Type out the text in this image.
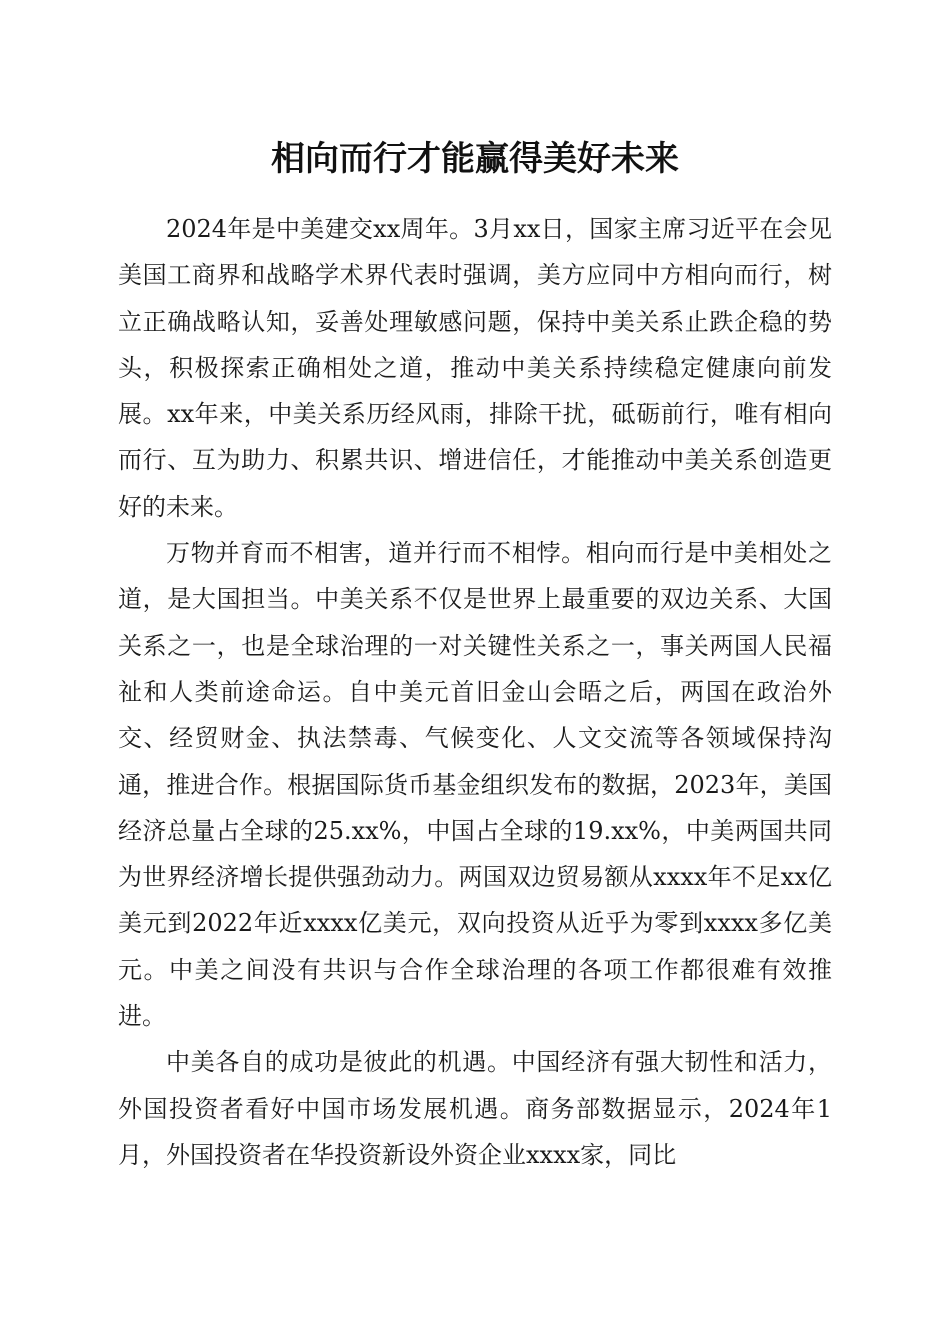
相向而行才能赢得美好未来

2024年是中美建交xx周年。3月xx日，国家主席习近平在会见美国工商界和战略学术界代表时强调，美方应同中方相向而行，树立正确战略认知，妥善处理敏感问题，保持中美关系止跌企稳的势头，积极探索正确相处之道，推动中美关系持续稳定健康向前发展。xx年来，中美关系历经风雨，排除干扰，砥砺前行，唯有相向而行、互为助力、积累共识、增进信任，才能推动中美关系创造更好的未来。

万物并育而不相害，道并行而不相悖。相向而行是中美相处之道，是大国担当。中美关系不仅是世界上最重要的双边关系、大国关系之一，也是全球治理的一对关键性关系之一，事关两国人民福祉和人类前途命运。自中美元首旧金山会晤之后，两国在政治外交、经贸财金、执法禁毒、气候变化、人文交流等各领域保持沟通，推进合作。根据国际货币基金组织发布的数据，2023年，美国经济总量占全球的25.xx%，中国占全球的19.xx%，中美两国共同为世界经济增长提供强劲动力。两国双边贸易额从xxxx年不足xx亿美元到2022年近xxxx亿美元，双向投资从近乎为零到xxxx多亿美元。中美之间没有共识与合作全球治理的各项工作都很难有效推进。

中美各自的成功是彼此的机遇。中国经济有强大韧性和活力，外国投资者看好中国市场发展机遇。商务部数据显示，2024年1月，外国投资者在华投资新设外资企业xxxx家，同比
